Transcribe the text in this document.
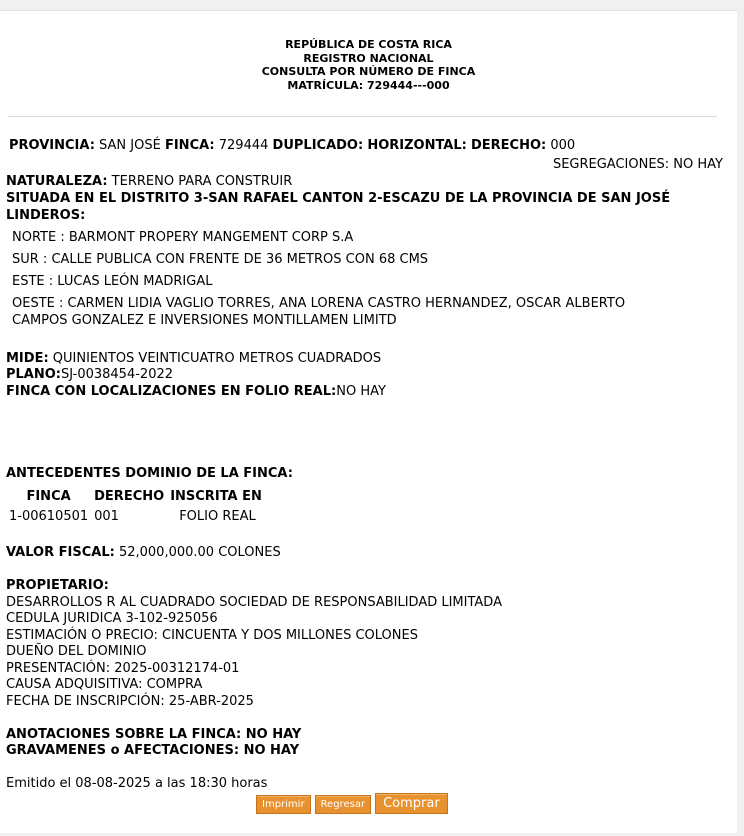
REPÚBLICA DE COSTA RICA
REGISTRO NACIONAL
CONSULTA POR NÚMERO DE FINCA
MATRÍCULA: 729444---000
PROVINCIA: SAN JOSÉ FINCA: 729444 DUPLICADO: HORIZONTAL: DERECHO: 000
SEGREGACIONES: NO HAY
NATURALEZA: TERRENO PARA CONSTRUIR
SITUADA EN EL DISTRITO 3-SAN RAFAEL CANTON 2-ESCAZU DE LA PROVINCIA DE SAN JOSÉ
LINDEROS:
NORTE : BARMONT PROPERY MANGEMENT CORP S.A
SUR : CALLE PUBLICA CON FRENTE DE 36 METROS CON 68 CMS
ESTE : LUCAS LEÓN MADRIGAL
OESTE : CARMEN LIDIA VAGLIO TORRES, ANA LORENA CASTRO HERNANDEZ, OSCAR ALBERTO CAMPOS GONZALEZ E INVERSIONES MONTILLAMEN LIMITD
MIDE: QUINIENTOS VEINTICUATRO METROS CUADRADOS
PLANO:SJ-0038454-2022
FINCA CON LOCALIZACIONES EN FOLIO REAL:NO HAY
ANTECEDENTES DOMINIO DE LA FINCA:
FINCA	DERECHO	INSCRITA EN
1-00610501	001	FOLIO REAL
VALOR FISCAL: 52,000,000.00 COLONES
PROPIETARIO:
DESARROLLOS R AL CUADRADO SOCIEDAD DE RESPONSABILIDAD LIMITADA
CEDULA JURIDICA 3-102-925056
ESTIMACIÓN O PRECIO: CINCUENTA Y DOS MILLONES COLONES
DUEÑO DEL DOMINIO
PRESENTACIÓN: 2025-00312174-01
CAUSA ADQUISITIVA: COMPRA
FECHA DE INSCRIPCIÓN: 25-ABR-2025
ANOTACIONES SOBRE LA FINCA: NO HAY
GRAVAMENES o AFECTACIONES: NO HAY
Emitido el 08-08-2025 a las 18:30 horas
Imprimir	Regresar	Comprar
